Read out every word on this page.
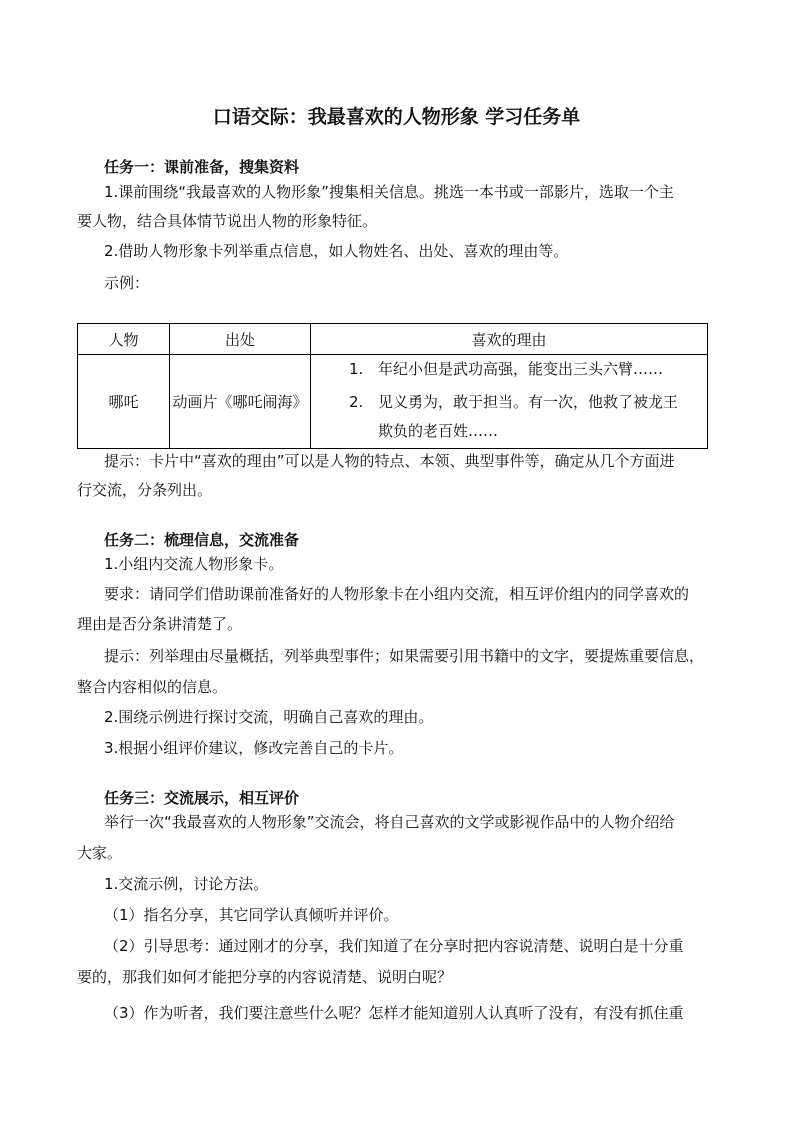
口语交际：我最喜欢的人物形象 学习任务单
任务一：课前准备，搜集资料
1.课前围绕“我最喜欢的人物形象”搜集相关信息。挑选一本书或一部影片，选取一个主
要人物，结合具体情节说出人物的形象特征。
2.借助人物形象卡列举重点信息，如人物姓名、出处、喜欢的理由等。
示例：
人物	出处	喜欢的理由
哪吒	动画片《哪吒闹海》	1. 年纪小但是武功高强，能变出三头六臂……
2. 见义勇为，敢于担当。有一次，他救了被龙王
欺负的老百姓……
提示：卡片中“喜欢的理由”可以是人物的特点、本领、典型事件等，确定从几个方面进
行交流，分条列出。
任务二：梳理信息，交流准备
1.小组内交流人物形象卡。
要求：请同学们借助课前准备好的人物形象卡在小组内交流，相互评价组内的同学喜欢的
理由是否分条讲清楚了。
提示：列举理由尽量概括，列举典型事件；如果需要引用书籍中的文字，要提炼重要信息，
整合内容相似的信息。
2.围绕示例进行探讨交流，明确自己喜欢的理由。
3.根据小组评价建议，修改完善自己的卡片。
任务三：交流展示，相互评价
举行一次“我最喜欢的人物形象”交流会，将自己喜欢的文学或影视作品中的人物介绍给
大家。
1.交流示例，讨论方法。
（1）指名分享，其它同学认真倾听并评价。
（2）引导思考：通过刚才的分享，我们知道了在分享时把内容说清楚、说明白是十分重
要的，那我们如何才能把分享的内容说清楚、说明白呢？
（3）作为听者，我们要注意些什么呢？怎样才能知道别人认真听了没有，有没有抓住重
